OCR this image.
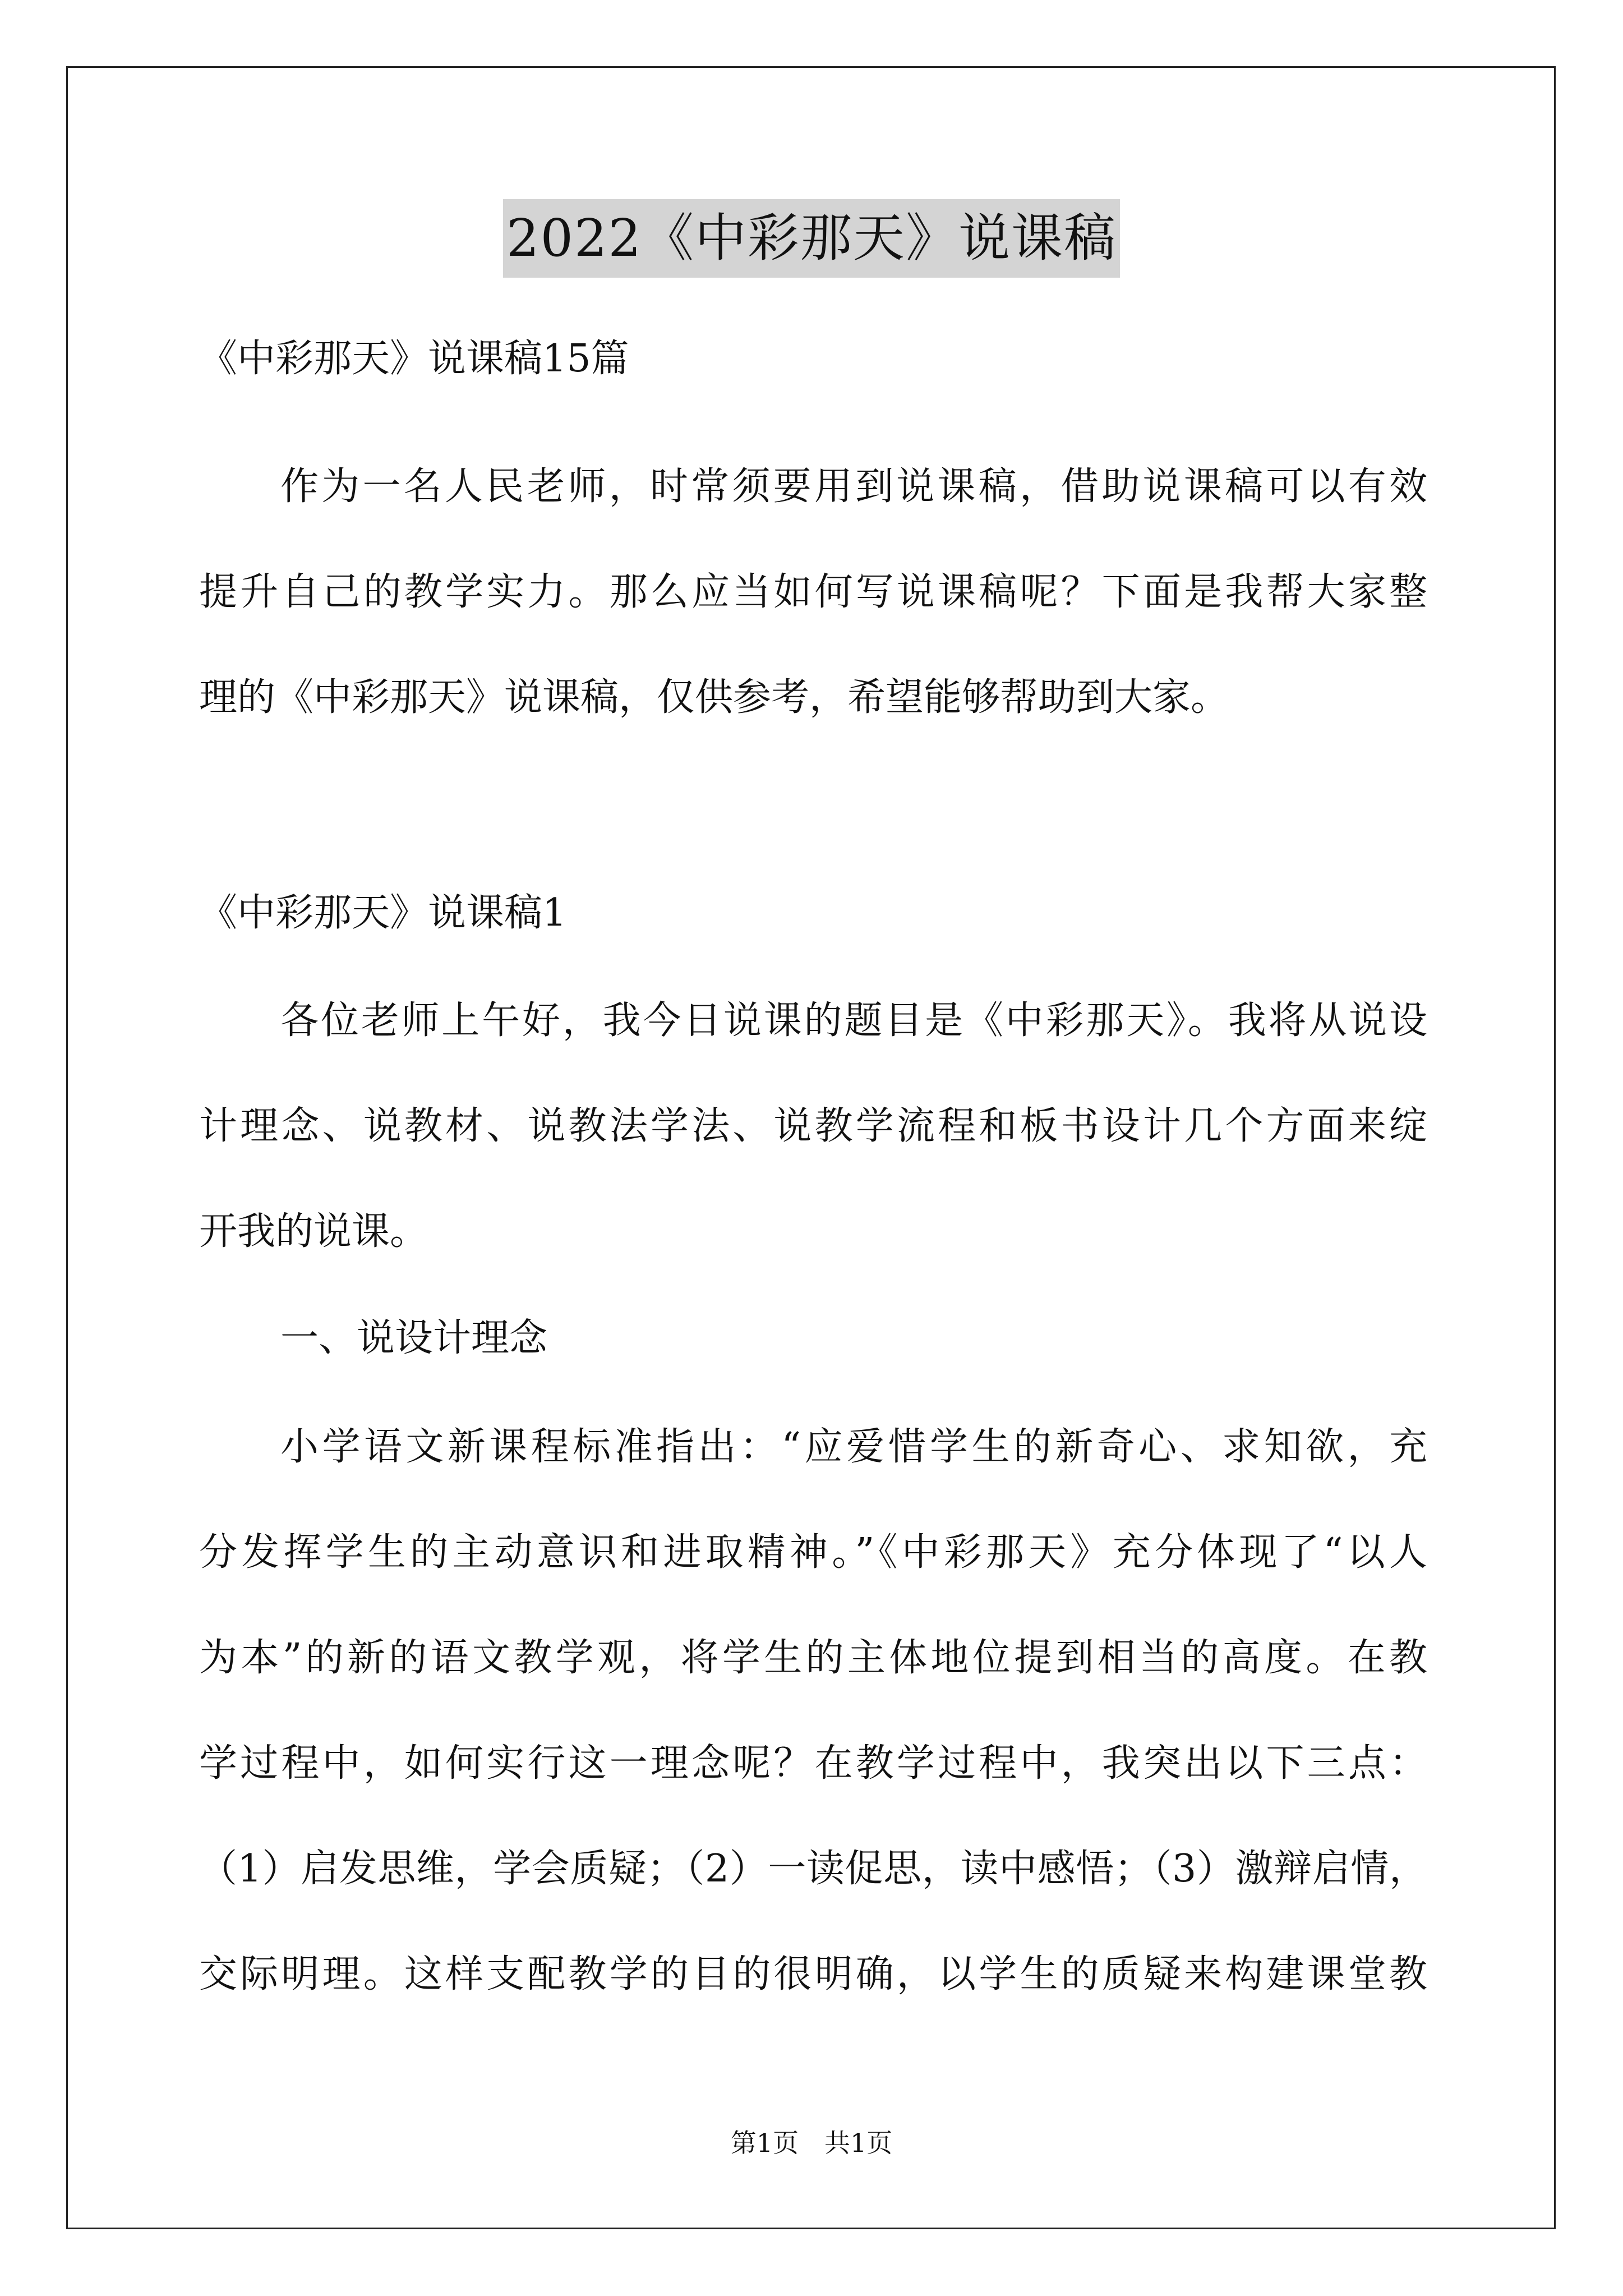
2022《中彩那天》说课稿
《中彩那天》说课稿15篇
作为一名人民老师，时常须要用到说课稿，借助说课稿可以有效
提升自己的教学实力。那么应当如何写说课稿呢？下面是我帮大家整
理的《中彩那天》说课稿，仅供参考，希望能够帮助到大家。
《中彩那天》说课稿1
各位老师上午好，我今日说课的题目是《中彩那天》。我将从说设
计理念、说教材、说教法学法、说教学流程和板书设计几个方面来绽
开我的说课。
一、说设计理念
小学语文新课程标准指出：“应爱惜学生的新奇心、求知欲，充
分发挥学生的主动意识和进取精神。”《中彩那天》充分体现了“以人
为本”的新的语文教学观，将学生的主体地位提到相当的高度。在教
学过程中，如何实行这一理念呢？在教学过程中，我突出以下三点：
（1）启发思维，学会质疑；（2）一读促思，读中感悟；（3）激辩启情，
交际明理。这样支配教学的目的很明确，以学生的质疑来构建课堂教
第1页　共1页
